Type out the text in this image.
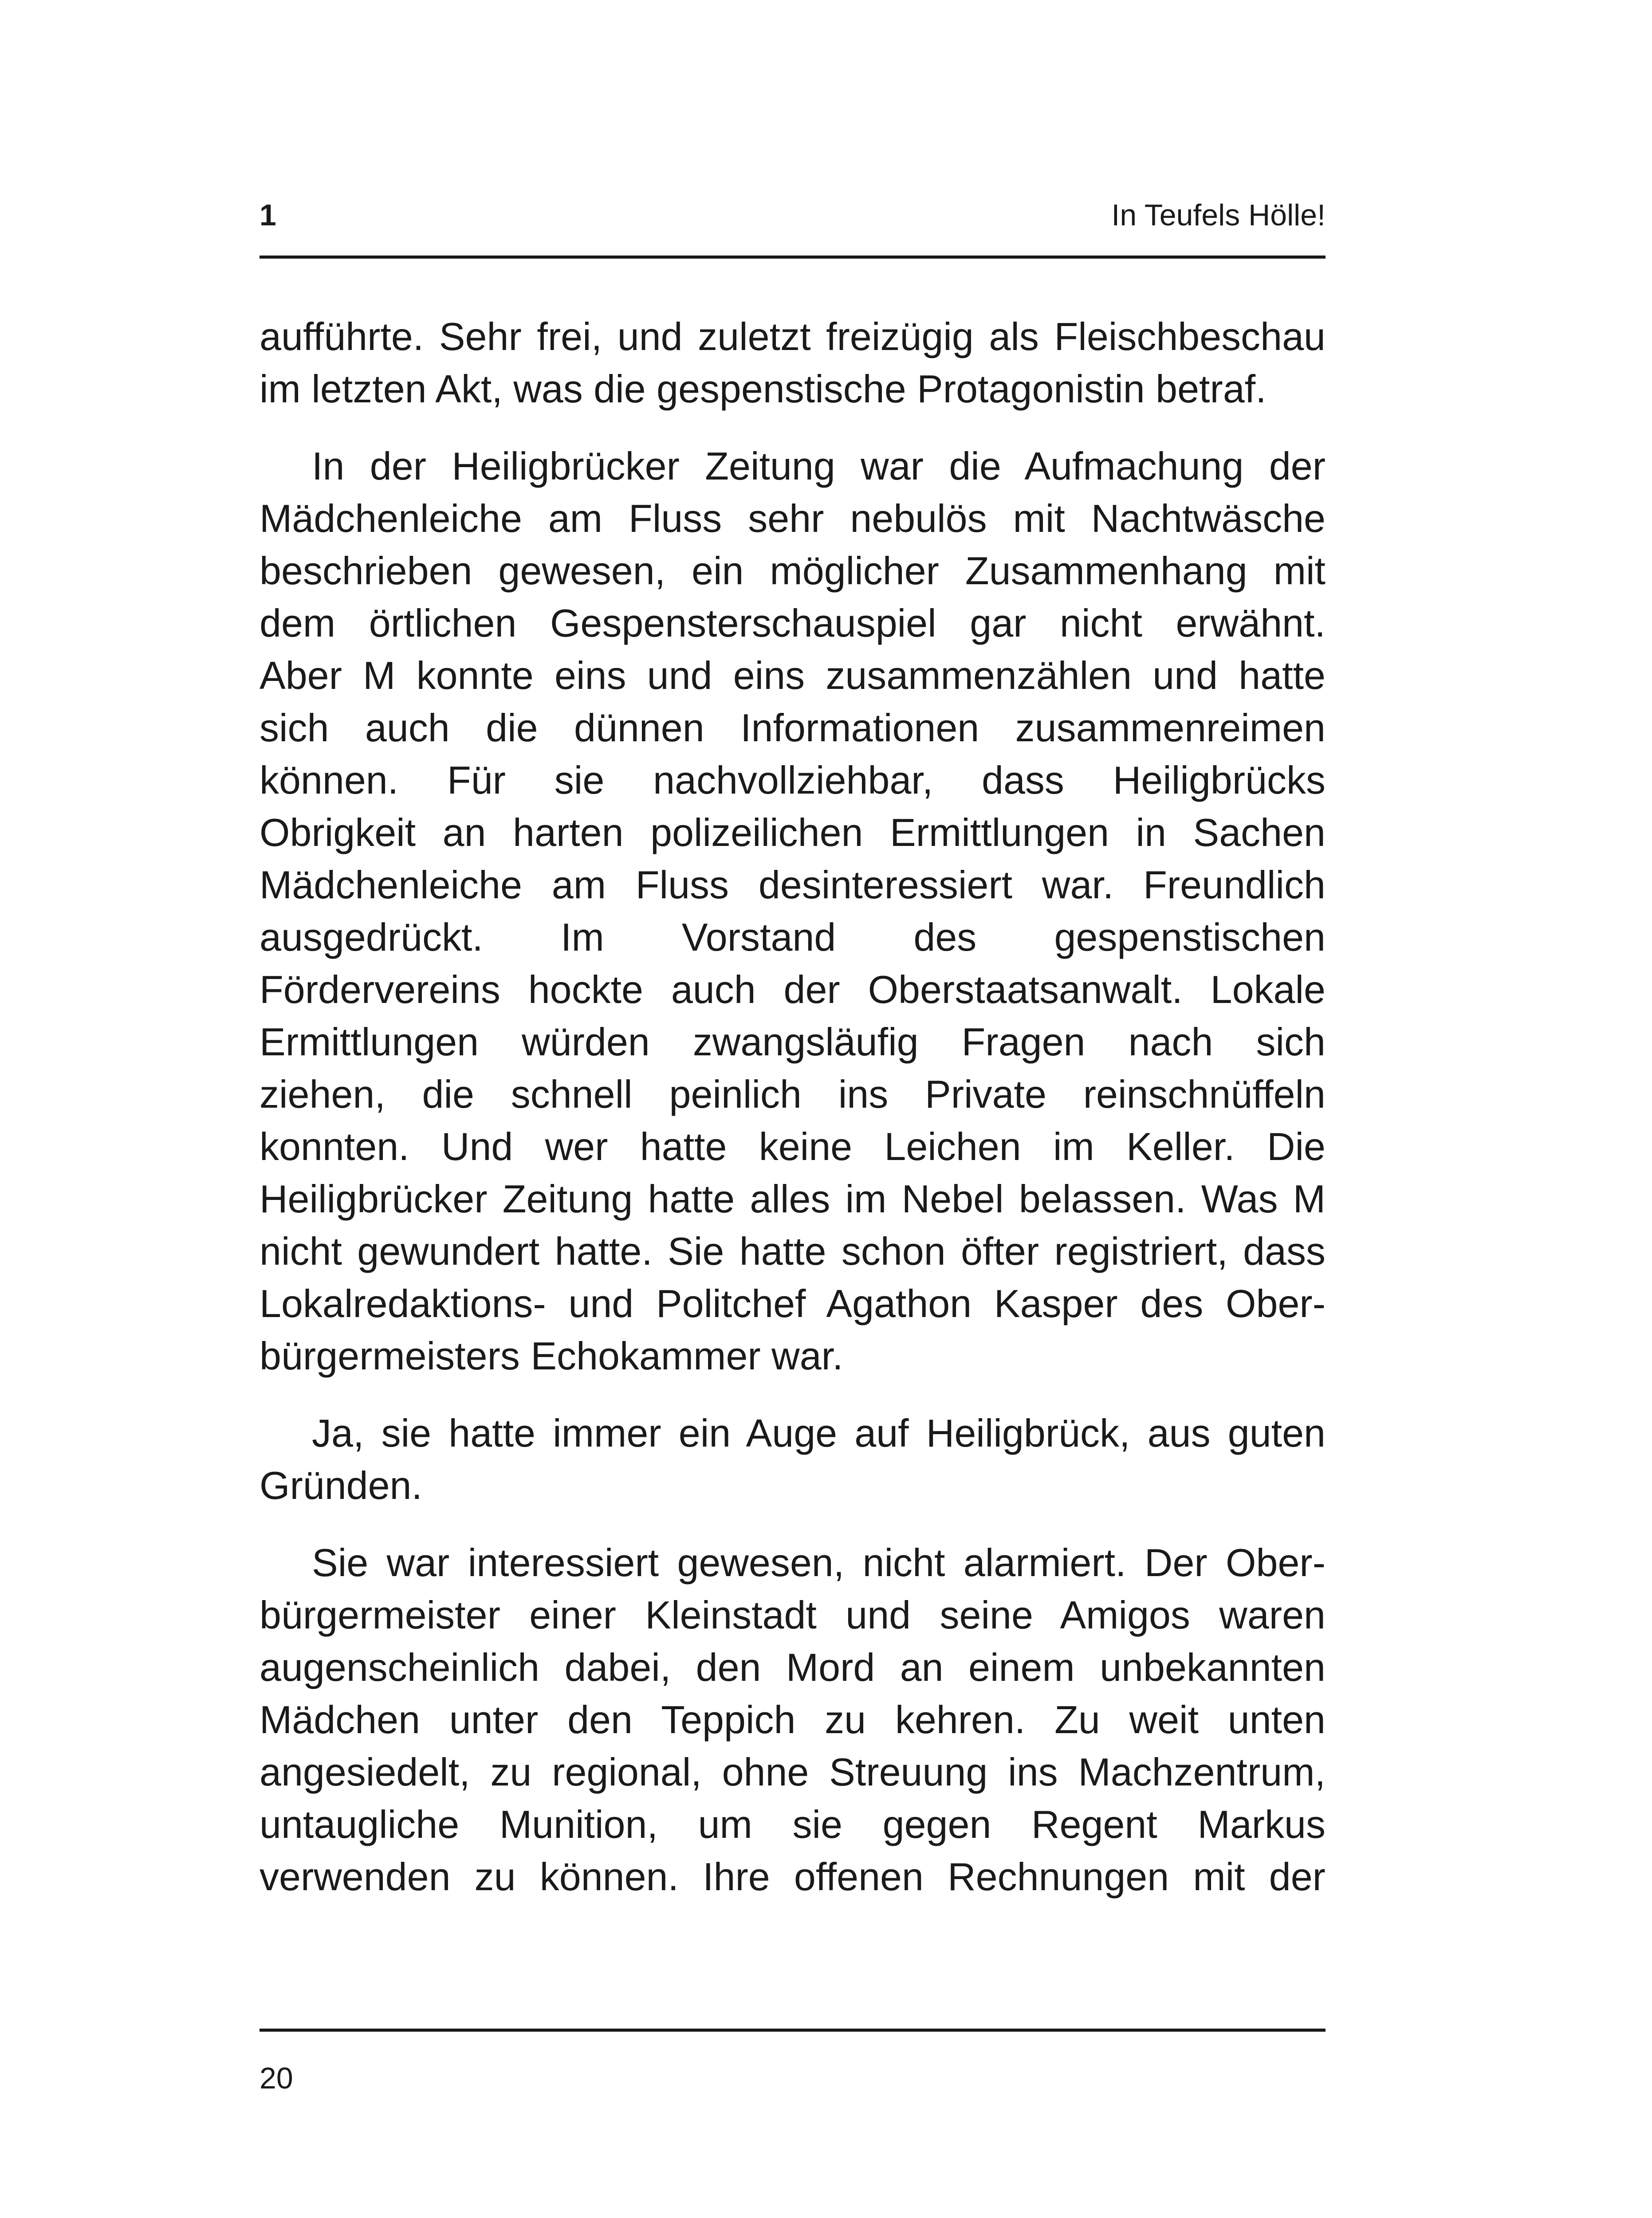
1	In Teufels Hölle!
aufführte. Sehr frei, und zuletzt freizügig als Fleischbeschau
im letzten Akt, was die gespenstische Protagonistin betraf.
In der Heiligbrücker Zeitung war die Aufmachung der
Mädchenleiche am Fluss sehr nebulös mit Nachtwäsche
beschrieben gewesen, ein möglicher Zusammenhang mit
dem örtlichen Gespensterschauspiel gar nicht erwähnt.
Aber M konnte eins und eins zusammenzählen und hatte
sich auch die dünnen Informationen zusammenreimen
können. Für sie nachvollziehbar, dass Heiligbrücks
Obrigkeit an harten polizeilichen Ermittlungen in Sachen
Mädchenleiche am Fluss desinteressiert war. Freundlich
ausgedrückt. Im Vorstand des gespenstischen
Fördervereins hockte auch der Oberstaatsanwalt. Lokale
Ermittlungen würden zwangsläufig Fragen nach sich
ziehen, die schnell peinlich ins Private reinschnüffeln
konnten. Und wer hatte keine Leichen im Keller. Die
Heiligbrücker Zeitung hatte alles im Nebel belassen. Was M
nicht gewundert hatte. Sie hatte schon öfter registriert, dass
Lokalredaktions- und Politchef Agathon Kasper des Ober-
bürgermeisters Echokammer war.
Ja, sie hatte immer ein Auge auf Heiligbrück, aus guten
Gründen.
Sie war interessiert gewesen, nicht alarmiert. Der Ober-
bürgermeister einer Kleinstadt und seine Amigos waren
augenscheinlich dabei, den Mord an einem unbekannten
Mädchen unter den Teppich zu kehren. Zu weit unten
angesiedelt, zu regional, ohne Streuung ins Machzentrum,
untaugliche Munition, um sie gegen Regent Markus
verwenden zu können. Ihre offenen Rechnungen mit der
20
